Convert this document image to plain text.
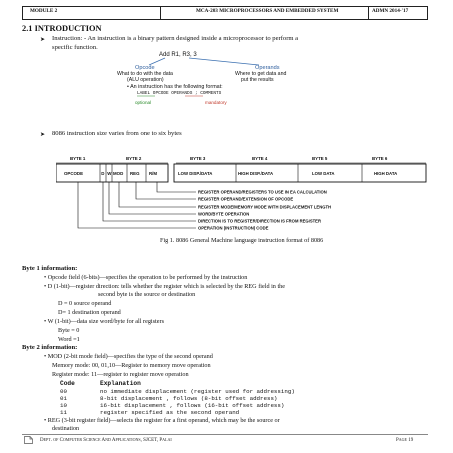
MODULE 2	MCA-203 MICROPROCESSORS AND EMBEDDED SYSTEM	ADMN 2014-'17
2.1 INTRODUCTION
➤ Instruction: - An instruction is a binary pattern designed inside a microprocessor to perform a
specific function.
Add R1, R3, 3
Opcode
What to do with the data
(ALU operation)
Operands
Where to get data and
put the results
• An instruction has the following format:
LABEL OPCODE OPERANDS ; COMMENTS
optional	mandatory
➤ 8086 instruction size varies from one to six bytes
BYTE 1	BYTE 2	BYTE 3	BYTE 4	BYTE 5	BYTE 6
OPCODE	D W MOD REG R/M	LOW DISP./DATA	HIGH DISP./DATA	LOW DATA	HIGH DATA
REGISTER OPERAND/REGISTERS TO USE IN EA CALCULATION
REGISTER OPERAND/EXTENSION OF OPCODE
REGISTER MODE/MEMORY MODE WITH DISPLACEMENT LENGTH
WORD/BYTE OPERATION
DIRECTION IS TO REGISTER/DIRECTION IS FROM REGISTER
OPERATION (INSTRUCTION) CODE
Fig 1. 8086 General Machine language instruction format of 8086
Byte 1 information:
• Opcode field (6-bits)—specifies the operation to be performed by the instruction
• D (1-bit)—register direction: tells whether the register which is selected by the REG field in the
second byte is the source or destination
D = 0 source operand
D= 1 destination operand
• W (1-bit)—data size word/byte for all registers
Byte = 0
Word =1
Byte 2 information:
• MOD (2-bit mode field)—specifies the type of the second operand
Memory mode: 00, 01,10—Register to memory move operation
Register mode: 11—register to register move operation
Code	Explanation
00	no immediate displacement (register used for addressing)
01	8-bit displacement , follows (8-bit offset address)
10	16-bit displacement , follows (16-bit offset address)
11	register specified as the second operand
• REG (3-bit register field)—selects the register for a first operand, which may be the source or
destination
Dept. of Computer Science And Applications, SJCET, Palai	Page 19
